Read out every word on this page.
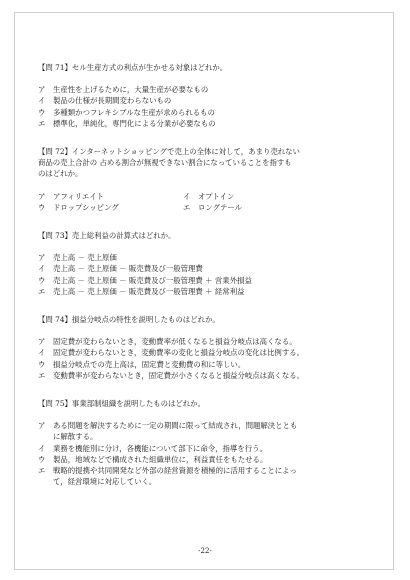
【問 71】セル生産方式の利点が生かせる対象はどれか。
ア	生産性を上げるために，大量生産が必要なもの
イ	製品の仕様が長期間変わらないもの
ウ	多種類かつフレキシブルな生産が求められるもの
エ	標準化，単純化，専門化による分業が必要なもの
【問 72】インターネットショッピングで売上の全体に対して，あまり売れない
商品の売上合計の 占める割合が無視できない割合になっていることを指すも
のはどれか。
ア	アフィリエイト	イ	オプトイン
ウ	ドロップシッピング	エ	ロングテール
【問 73】売上総利益の計算式はどれか。
ア	売上高 － 売上原価
イ	売上高 － 売上原価 － 販売費及び一般管理費
ウ	売上高 － 売上原価 － 販売費及び一般管理費 ＋ 営業外損益
エ	売上高 － 売上原価 － 販売費及び一般管理費 ＋ 経常利益
【問 74】損益分岐点の特性を説明したものはどれか。
ア	固定費が変わらないとき，変動費率が低くなると損益分岐点は高くなる。
イ	固定費が変わらないとき，変動費率の変化と損益分岐点の変化は比例する。
ウ	損益分岐点での売上高は，固定費と変動費の和に等しい。
エ	変動費率が変わらないとき，固定費が小さくなると損益分岐点は高くなる。
【問 75】事業部制組織を説明したものはどれか。
ア	ある問題を解決するために一定の期間に限って結成され，問題解決ととも
に解散する。
イ	業務を機能別に分け，各機能について部下に命令，指導を行う。
ウ	製品，地域などで構成された組織単位に，利益責任をもたせる。
エ	戦略的提携や共同開発など外部の経営資源を積極的に活用することによっ
て，経営環境に対応していく。
-22-
